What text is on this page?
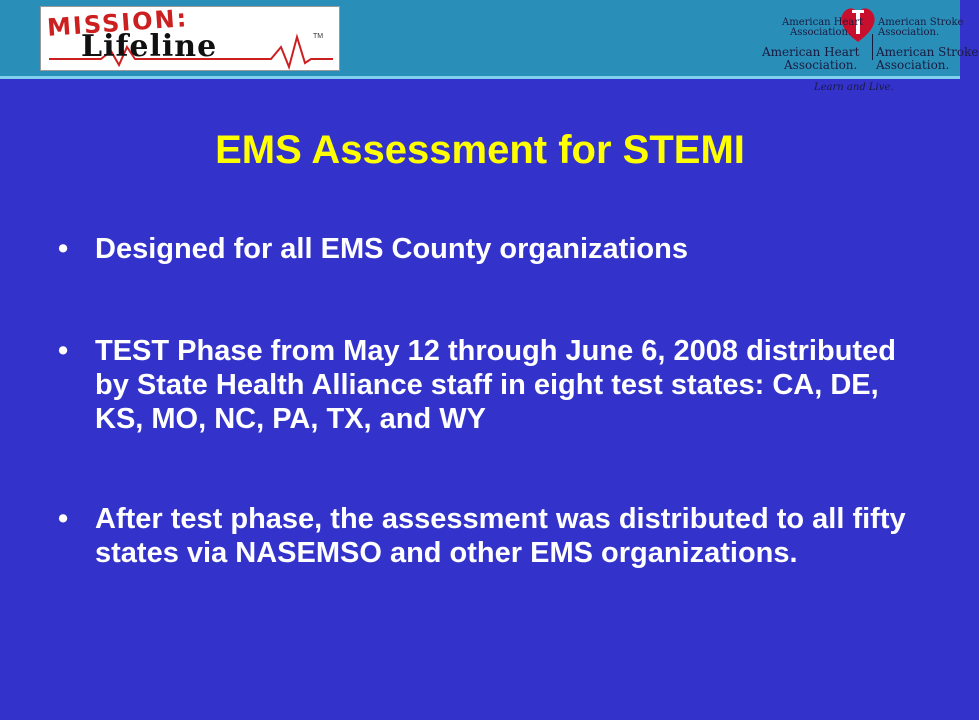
MISSION:
Lifeline	TM
American Heart
Association.
American Stroke
Association.
American Heart
Association.
American Stroke
Association.
Learn and Live.
EMS Assessment for STEMI
• Designed for all EMS County organizations
• TEST Phase from May 12 through June 6, 2008 distributed by State Health Alliance staff in eight test states: CA, DE, KS, MO, NC, PA, TX, and WY
• After test phase, the assessment was distributed to all fifty states via NASEMSO and other EMS organizations.
